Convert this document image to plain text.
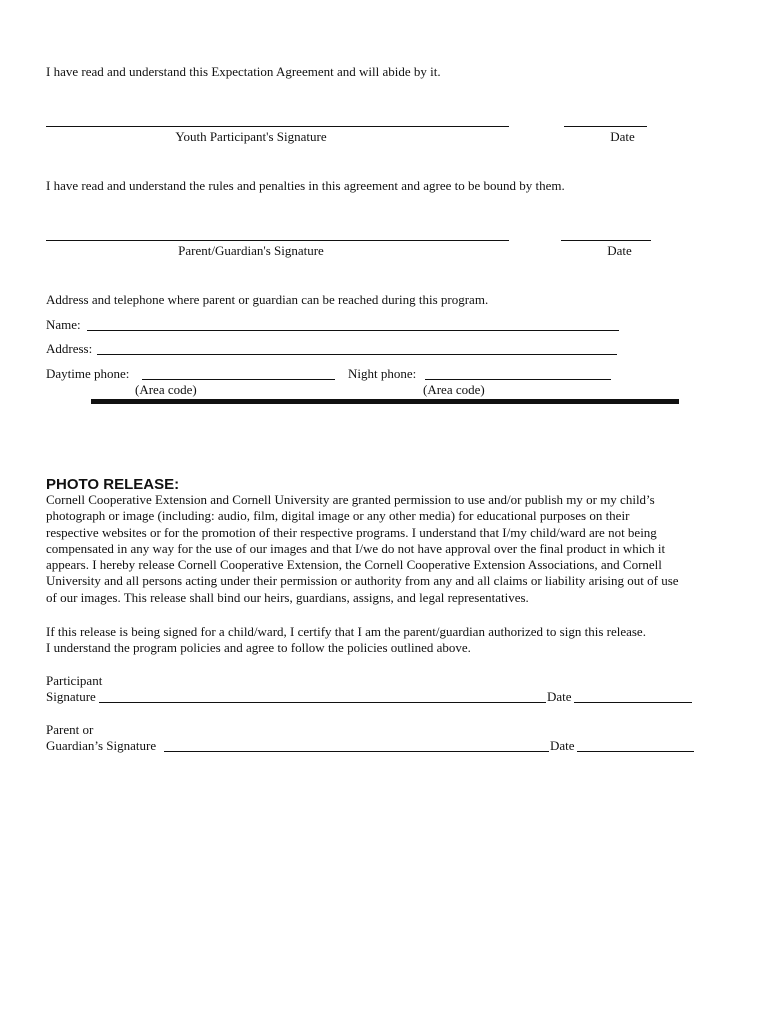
I have read and understand this Expectation Agreement and will abide by it.
Youth Participant's Signature	Date
I have read and understand the rules and penalties in this agreement and agree to be bound by them.
Parent/Guardian's Signature	Date
Address and telephone where parent or guardian can be reached during this program.
Name:
Address:
Daytime phone:	Night phone:
(Area code)	(Area code)
PHOTO RELEASE:
Cornell Cooperative Extension and Cornell University are granted permission to use and/or publish my or my child’s
photograph or image (including: audio, film, digital image or any other media) for educational purposes on their
respective websites or for the promotion of their respective programs. I understand that I/my child/ward are not being
compensated in any way for the use of our images and that I/we do not have approval over the final product in which it
appears. I hereby release Cornell Cooperative Extension, the Cornell Cooperative Extension Associations, and Cornell
University and all persons acting under their permission or authority from any and all claims or liability arising out of use
of our images. This release shall bind our heirs, guardians, assigns, and legal representatives.
If this release is being signed for a child/ward, I certify that I am the parent/guardian authorized to sign this release.
I understand the program policies and agree to follow the policies outlined above.
Participant
Signature	Date
Parent or
Guardian’s Signature	Date
